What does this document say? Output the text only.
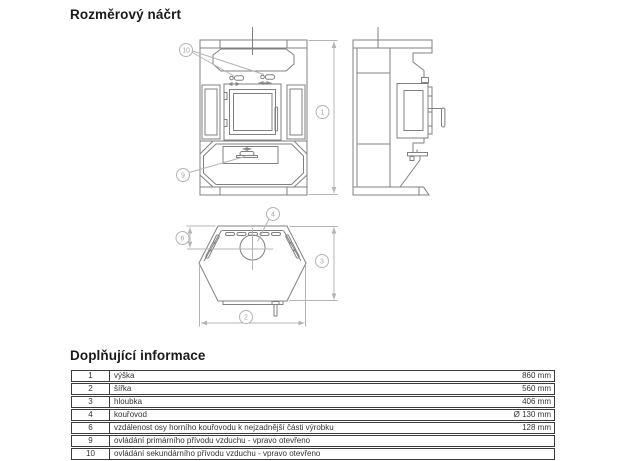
Rozměrový náčrt
10
9
1
4
6
3
2
Doplňující informace
1	výška	860 mm
2	šířka	560 mm
3	hloubka	406 mm
4	kouřovod	Ø 130 mm
6	vzdálenost osy horního kouřovodu k nejzadnější části výrobku	128 mm
9	ovládání primárního přívodu vzduchu - vpravo otevřeno
10	ovládání sekundárního přívodu vzduchu - vpravo otevřeno
